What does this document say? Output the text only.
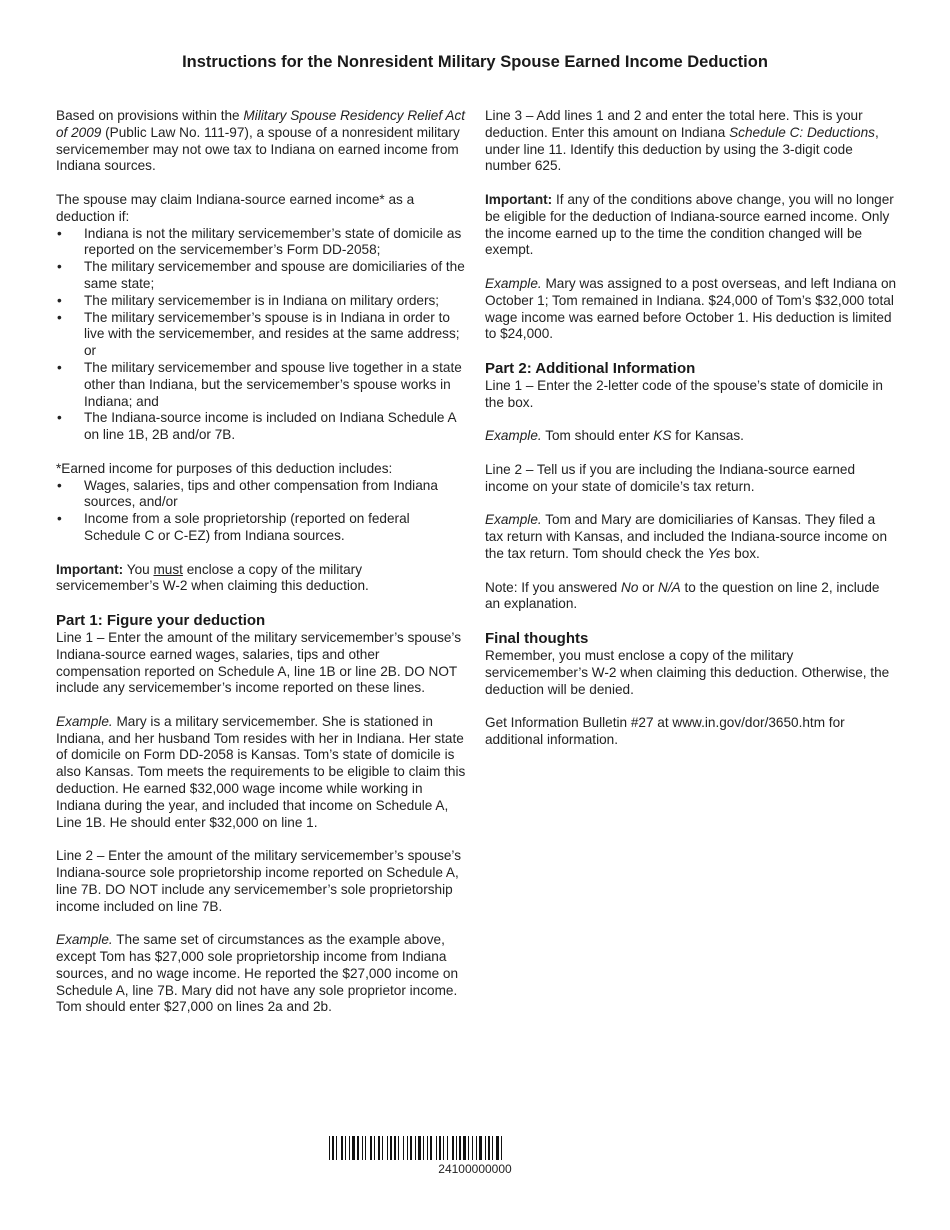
Instructions for the Nonresident Military Spouse Earned Income Deduction

Based on provisions within the Military Spouse Residency Relief Act of 2009 (Public Law No. 111-97), a spouse of a nonresident military servicemember may not owe tax to Indiana on earned income from Indiana sources.

The spouse may claim Indiana-source earned income* as a deduction if:

• Indiana is not the military servicemember’s state of domicile as reported on the servicemember’s Form DD-2058;
• The military servicemember and spouse are domiciliaries of the same state;
• The military servicemember is in Indiana on military orders;
• The military servicemember’s spouse is in Indiana in order to live with the servicemember, and resides at the same address; or
• The military servicemember and spouse live together in a state other than Indiana, but the servicemember’s spouse works in Indiana; and
• The Indiana-source income is included on Indiana Schedule A on line 1B, 2B and/or 7B.

*Earned income for purposes of this deduction includes:

• Wages, salaries, tips and other compensation from Indiana sources, and/or
• Income from a sole proprietorship (reported on federal Schedule C or C-EZ) from Indiana sources.

Important: You must enclose a copy of the military servicemember’s W-2 when claiming this deduction.

Part 1: Figure your deduction

Line 1 – Enter the amount of the military servicemember’s spouse’s Indiana-source earned wages, salaries, tips and other compensation reported on Schedule A, line 1B or line 2B. DO NOT include any servicemember’s income reported on these lines.

Example. Mary is a military servicemember. She is stationed in Indiana, and her husband Tom resides with her in Indiana. Her state of domicile on Form DD-2058 is Kansas. Tom’s state of domicile is also Kansas. Tom meets the requirements to be eligible to claim this deduction. He earned $32,000 wage income while working in Indiana during the year, and included that income on Schedule A, Line 1B. He should enter $32,000 on line 1.

Line 2 – Enter the amount of the military servicemember’s spouse’s Indiana-source sole proprietorship income reported on Schedule A, line 7B. DO NOT include any servicemember’s sole proprietorship income included on line 7B.

Example. The same set of circumstances as the example above, except Tom has $27,000 sole proprietorship income from Indiana sources, and no wage income. He reported the $27,000 income on Schedule A, line 7B. Mary did not have any sole proprietor income. Tom should enter $27,000 on lines 2a and 2b.

Line 3 – Add lines 1 and 2 and enter the total here. This is your deduction. Enter this amount on Indiana Schedule C: Deductions, under line 11. Identify this deduction by using the 3-digit code number 625.

Important: If any of the conditions above change, you will no longer be eligible for the deduction of Indiana-source earned income. Only the income earned up to the time the condition changed will be exempt.

Example. Mary was assigned to a post overseas, and left Indiana on October 1; Tom remained in Indiana. $24,000 of Tom’s $32,000 total wage income was earned before October 1. His deduction is limited to $24,000.

Part 2: Additional Information

Line 1 – Enter the 2-letter code of the spouse’s state of domicile in the box.

Example. Tom should enter KS for Kansas.

Line 2 – Tell us if you are including the Indiana-source earned income on your state of domicile’s tax return.

Example. Tom and Mary are domiciliaries of Kansas. They filed a tax return with Kansas, and included the Indiana-source income on the tax return. Tom should check the Yes box.

Note: If you answered No or N/A to the question on line 2, include an explanation.

Final thoughts

Remember, you must enclose a copy of the military servicemember’s W-2 when claiming this deduction. Otherwise, the deduction will be denied.

Get Information Bulletin #27 at www.in.gov/dor/3650.htm for additional information.

24100000000
